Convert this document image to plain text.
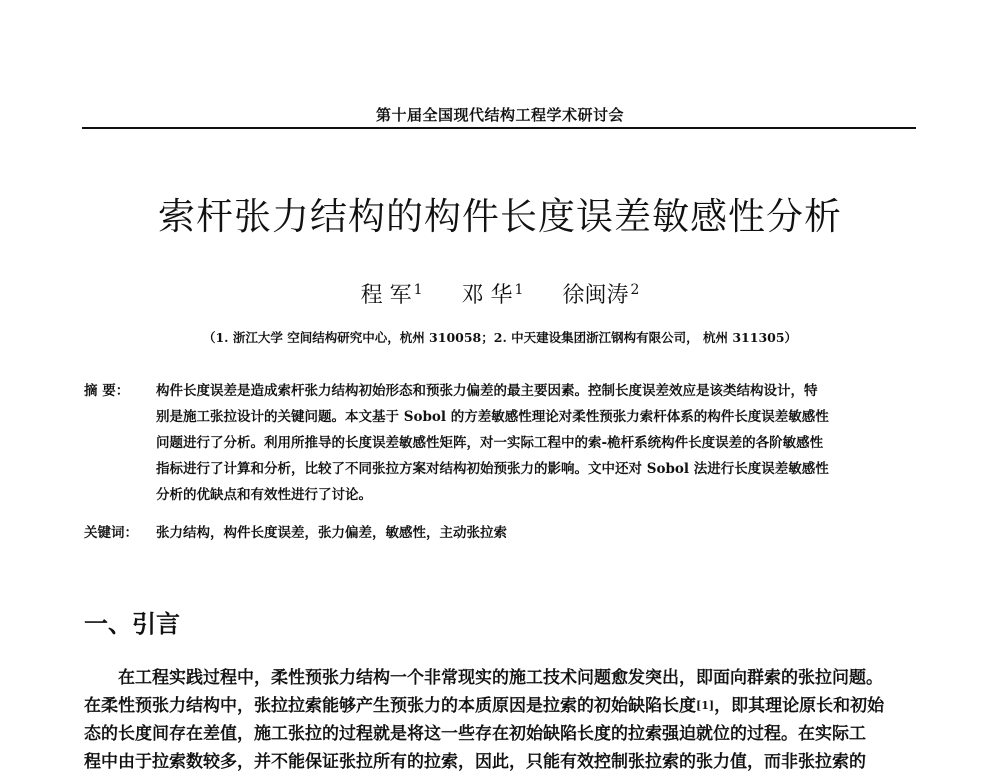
第十届全国现代结构工程学术研讨会
索杆张力结构的构件长度误差敏感性分析
程 军 $^1$ 邓 华 $^1$ 徐闽涛 $^2$
（1. 浙江大学 空间结构研究中心，杭州 310058；2. 中天建设集团浙江钢构有限公司， 杭州 311305）
摘 要：	构件长度误差是造成索杆张力结构初始形态和预张力偏差的最主要因素。控制长度误差效应是该类结构设计，特
别是施工张拉设计的关键问题。本文基于 Sobol 的方差敏感性理论对柔性预张力索杆体系的构件长度误差敏感性
问题进行了分析。利用所推导的长度误差敏感性矩阵，对一实际工程中的索-桅杆系统构件长度误差的各阶敏感性
指标进行了计算和分析，比较了不同张拉方案对结构初始预张力的影响。文中还对 Sobol 法进行长度误差敏感性
分析的优缺点和有效性进行了讨论。
关键词： 张力结构，构件长度误差，张力偏差，敏感性，主动张拉索
一、引言
在工程实践过程中，柔性预张力结构一个非常现实的施工技术问题愈发突出，即面向群索的张拉问题。
在柔性预张力结构中，张拉拉索能够产生预张力的本质原因是拉索的初始缺陷长度[1]，即其理论原长和初始
态的长度间存在差值，施工张拉的过程就是将这一些存在初始缺陷长度的拉索强迫就位的过程。在实际工
程中由于拉索数较多，并不能保证张拉所有的拉索，因此，只能有效控制张拉索的张力值，而非张拉索的
